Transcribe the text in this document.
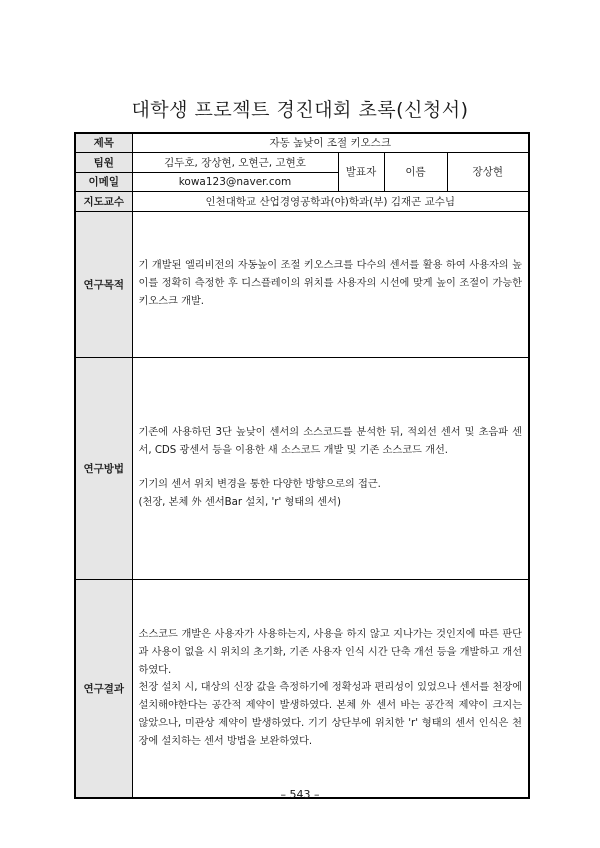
대학생 프로젝트 경진대회 초록(신청서)
제목	자동 높낮이 조절 키오스크			
팀원	김두호, 장상현, 오현근, 고현호	발표자	이름	장상현
이메일	kowa123@naver.com			
지도교수	인천대학교 산업경영공학과(야)학과(부) 김재곤 교수님			
연구목적	기 개발된 엘리비전의 자동높이 조절 키오스크를 다수의 센서를 활용 하여 사용자의 높이를 정확히 측정한 후 디스플레이의 위치를 사용자의 시선에 맞게 높이 조절이 가능한 키오스크 개발.			

연구방법	기존에 사용하던 3단 높낮이 센서의 소스코드를 분석한 뒤, 적외선 센서 및 초음파 센서, CDS 광센서 등을 이용한 새 소스코드 개발 및 기존 소스코드 개선.

기기의 센서 위치 변경을 통한 다양한 방향으로의 접근.

(천장, 본체 外 센서Bar 설치, 'r' 형태의 센서)			

연구결과	소스코드 개발은 사용자가 사용하는지, 사용을 하지 않고 지나가는 것인지에 따른 판단과 사용이 없을 시 위치의 초기화, 기존 사용자 인식 시간 단축 개선 등을 개발하고 개선하였다.

천장 설치 시, 대상의 신장 값을 측정하기에 정확성과 편리성이 있었으나 센서를 천장에 설치해야한다는 공간적 제약이 발생하였다. 본체 外 센서 바는 공간적 제약이 크지는 않았으나, 미관상 제약이 발생하였다. 기기 상단부에 위치한 'r' 형태의 센서 인식은 천장에 설치하는 센서 방법을 보완하였다.			

– 543 –
